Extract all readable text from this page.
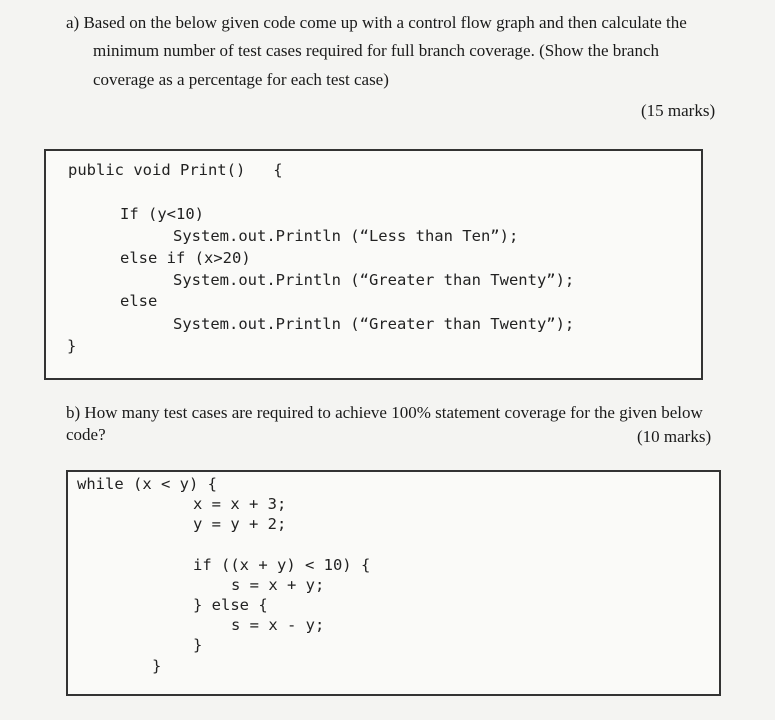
a) Based on the below given code come up with a control flow graph and then calculate the
minimum number of test cases required for full branch coverage. (Show the branch
coverage as a percentage for each test case)
(15 marks)
public void Print()   {
If (y<10)
System.out.Println (“Less than Ten”);
else if (x>20)
System.out.Println (“Greater than Twenty”);
else
System.out.Println (“Greater than Twenty”);
}
b) How many test cases are required to achieve 100% statement coverage for the given below
code?	(10 marks)
while (x < y) {
x = x + 3;
y = y + 2;
if ((x + y) < 10) {
s = x + y;
} else {
s = x - y;
}
}
